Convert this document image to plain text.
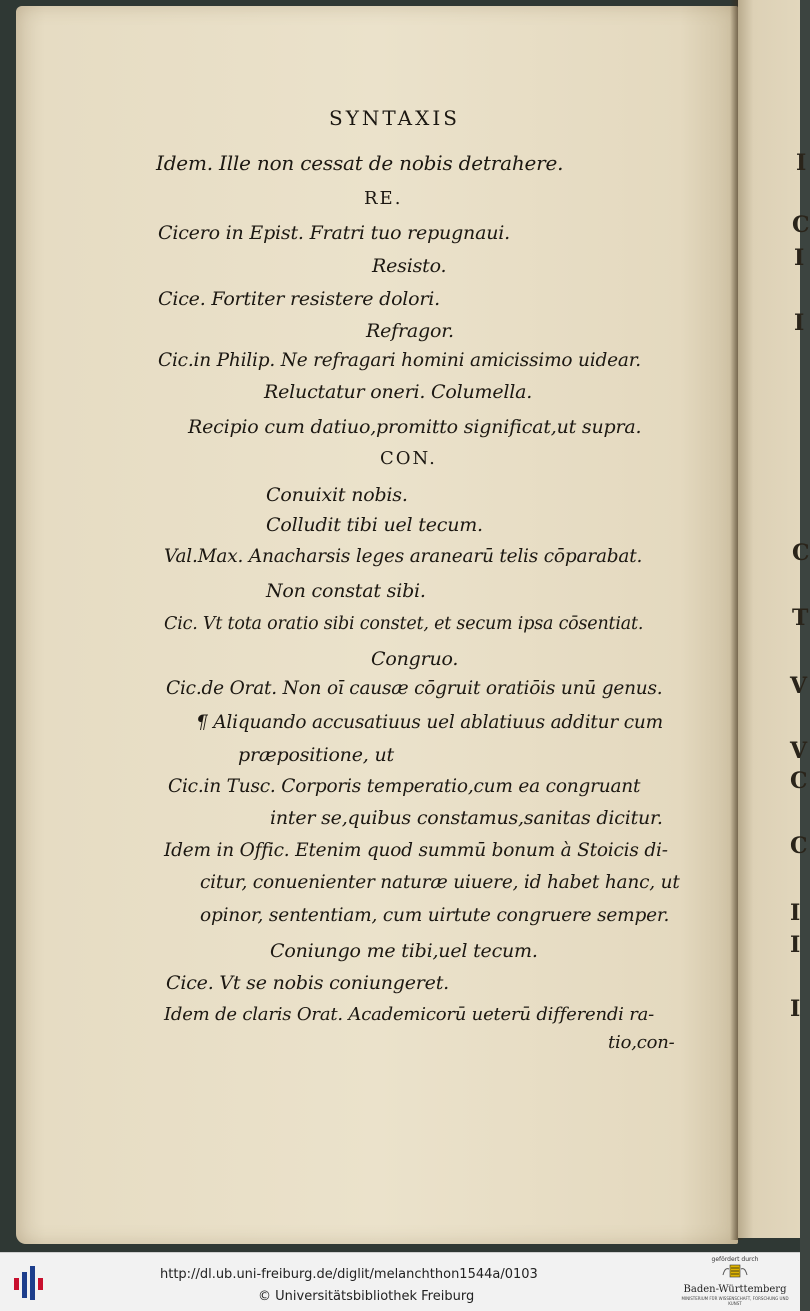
SYNTAXIS
Idem. Ille non cessat de nobis detrahere.
RE.
Cicero in Epist. Fratri tuo repugnaui.
Resisto.
Cice. Fortiter resistere dolori.
Refragor.
Cic.in Philip. Ne refragari homini amicissimo uidear.
Reluctatur oneri. Columella.
Recipio cum datiuo,promitto significat,ut supra.
CON.
Conuixit nobis.
Colludit tibi uel tecum.
Val.Max. Anacharsis leges aranearū telis cōparabat.
Non constat sibi.
Cic. Vt tota oratio sibi constet, et secum ipsa cōsentiat.
Congruo.
Cic.de Orat. Non oī causæ cōgruit oratiōis unū genus.
¶ Aliquando accusatiuus uel ablatiuus additur cum
præpositione, ut
Cic.in Tusc. Corporis temperatio,cum ea congruant
inter se,quibus constamus,sanitas dicitur.
Idem in Offic. Etenim quod summū bonum à Stoicis di-
citur, conuenienter naturæ uiuere, id habet hanc, ut
opinor, sententiam, cum uirtute congruere semper.
Coniungo me tibi,uel tecum.
Cice. Vt se nobis coniungeret.
Idem de claris Orat. Academicorū ueterū differendi ra-
tio,con-
I
C
I
I
C
T
V
V
C
C
I
I
I
http://dl.ub.uni-freiburg.de/diglit/melanchthon1544a/0103
© Universitätsbibliothek Freiburg
gefördert durch
Baden-Württemberg
MINISTERIUM FÜR WISSENSCHAFT, FORSCHUNG UND KUNST
